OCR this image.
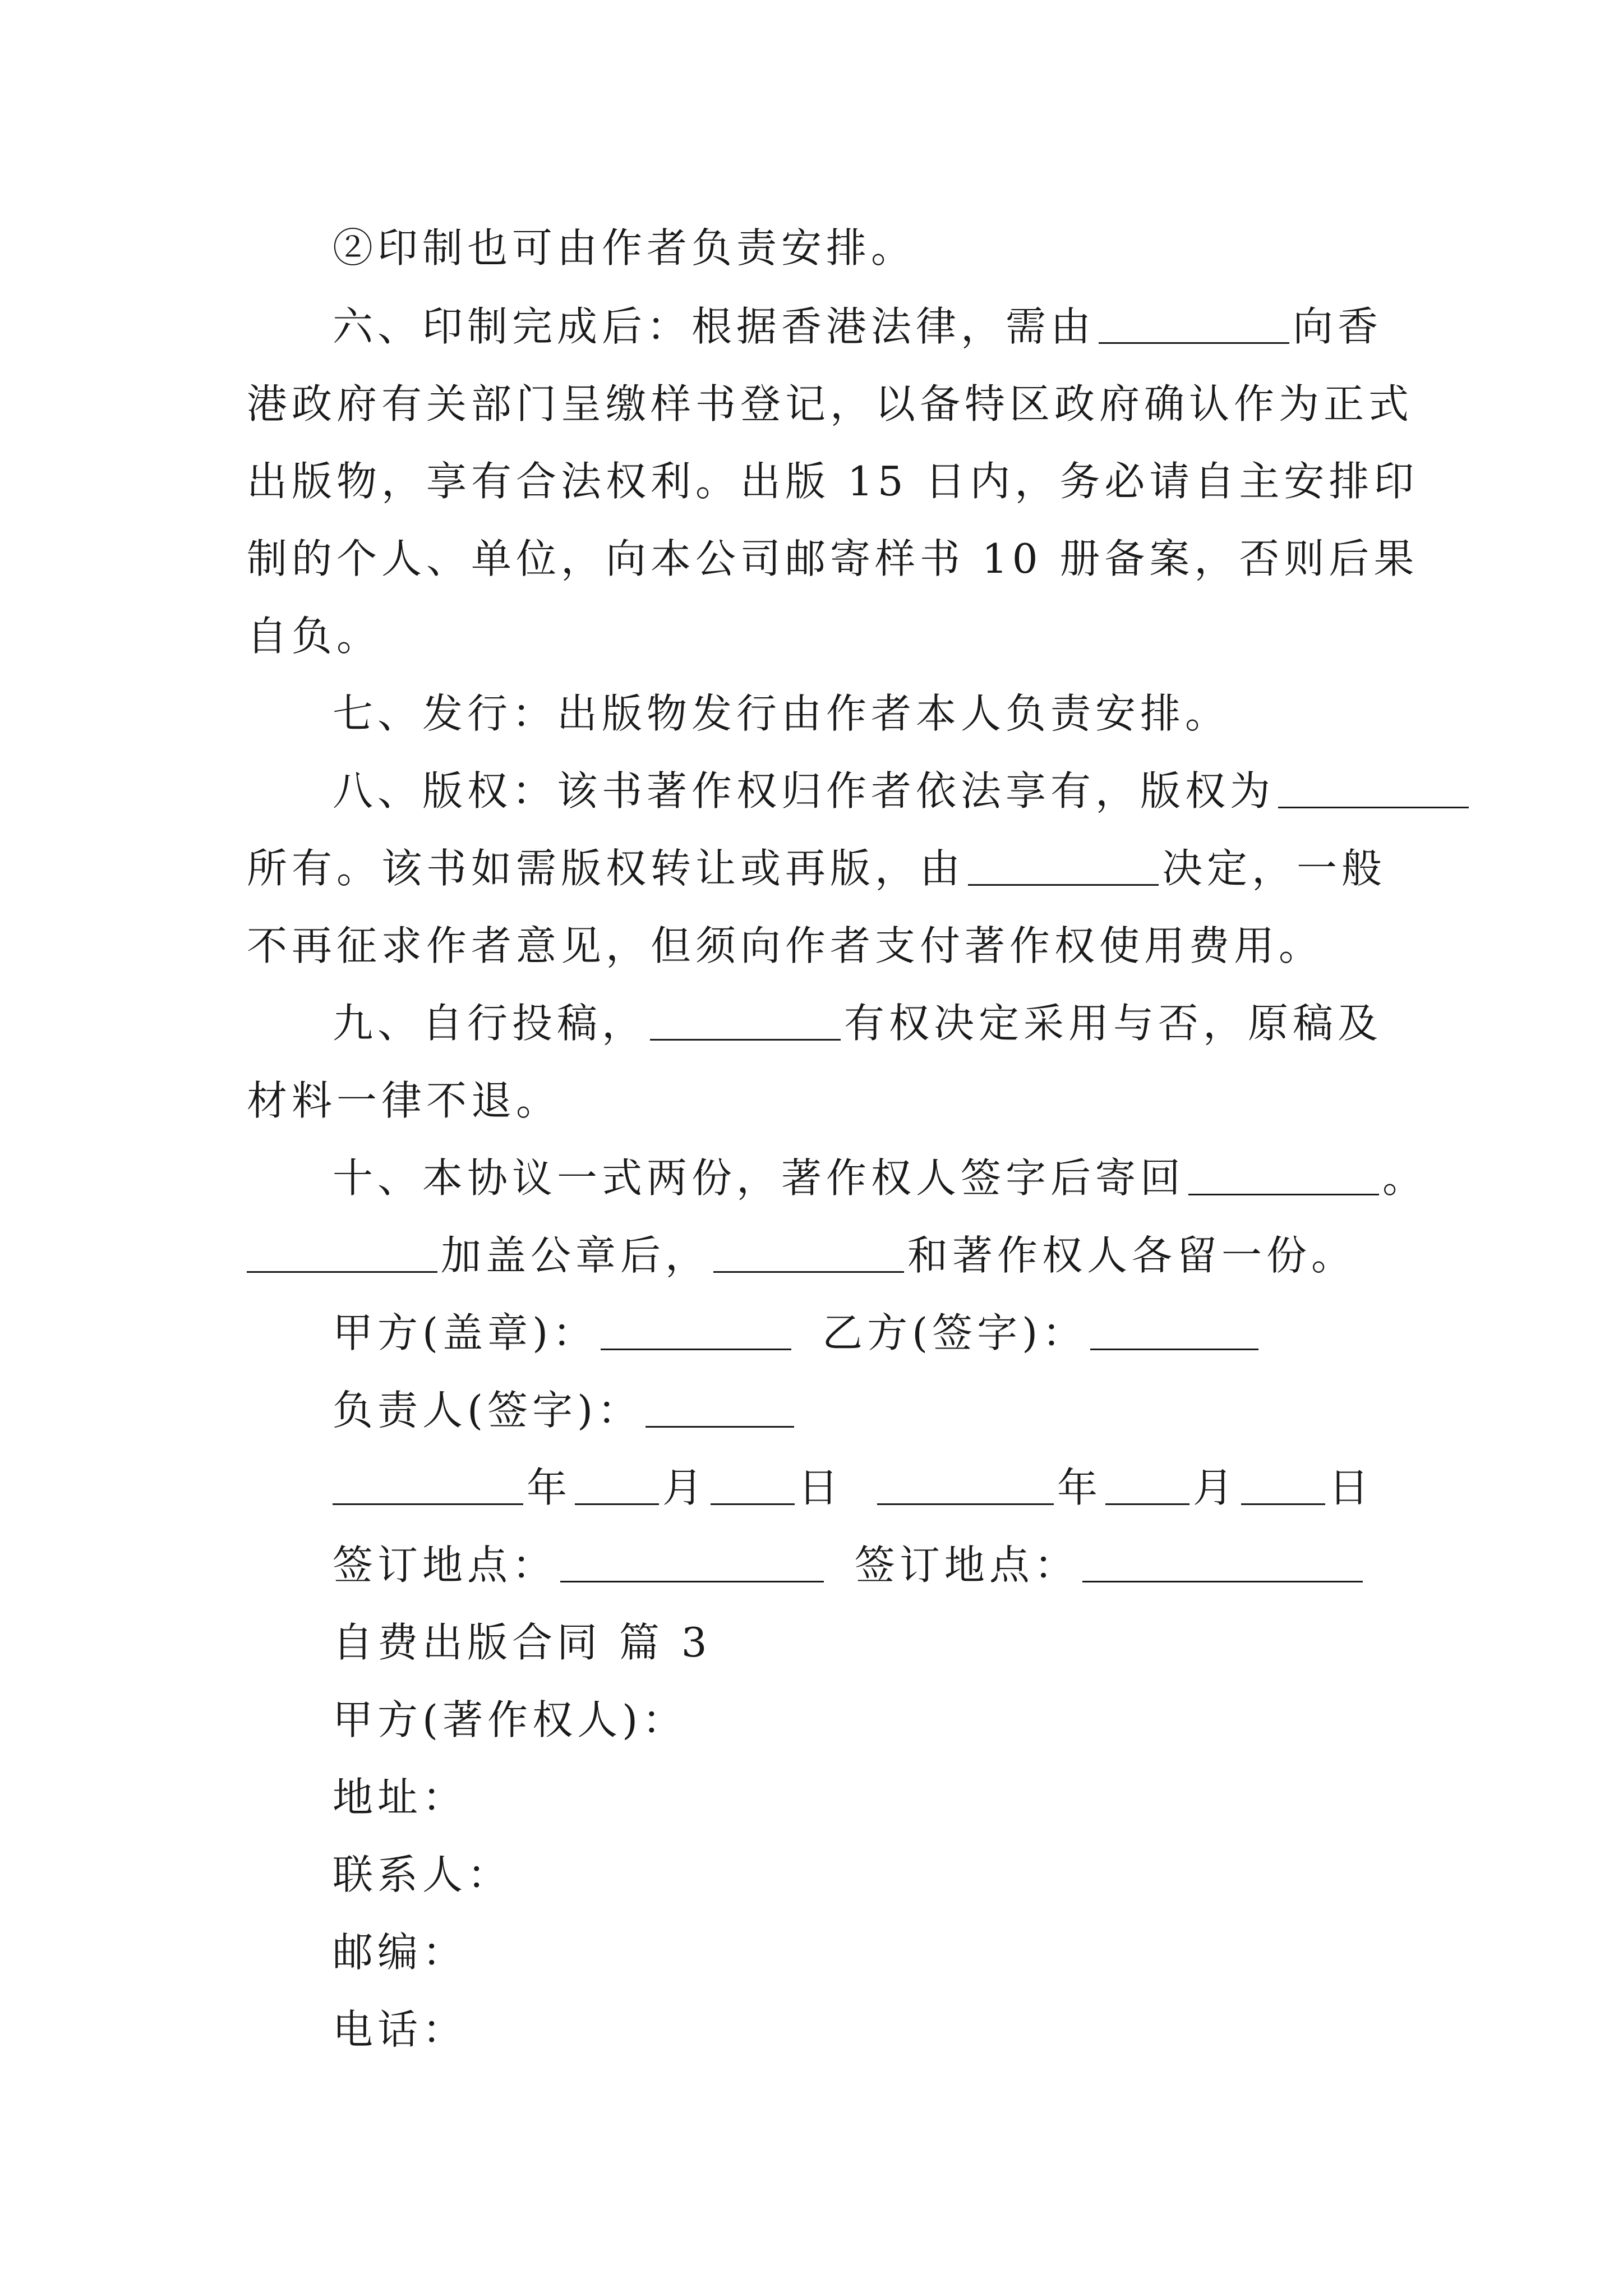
②印制也可由作者负责安排。
六、印制完成后：根据香港法律，需由	向香
港政府有关部门呈缴样书登记，以备特区政府确认作为正式
出版物，享有合法权利。出版 15 日内，务必请自主安排印
制的个人、单位，向本公司邮寄样书 10 册备案，否则后果
自负。
七、发行：出版物发行由作者本人负责安排。
八、版权：该书著作权归作者依法享有，版权为
所有。该书如需版权转让或再版，由	决定，一般
不再征求作者意见，但须向作者支付著作权使用费用。
九、自行投稿，	有权决定采用与否，原稿及
材料一律不退。
十、本协议一式两份，著作权人签字后寄回	。
加盖公章后，	和著作权人各留一份。
甲方(盖章)：	乙方(签字)：
负责人(签字)：
年 月 日	年 月 日
签订地点：	签订地点：
自费出版合同 篇 3
甲方(著作权人)：
地址：
联系人：
邮编：
电话：
